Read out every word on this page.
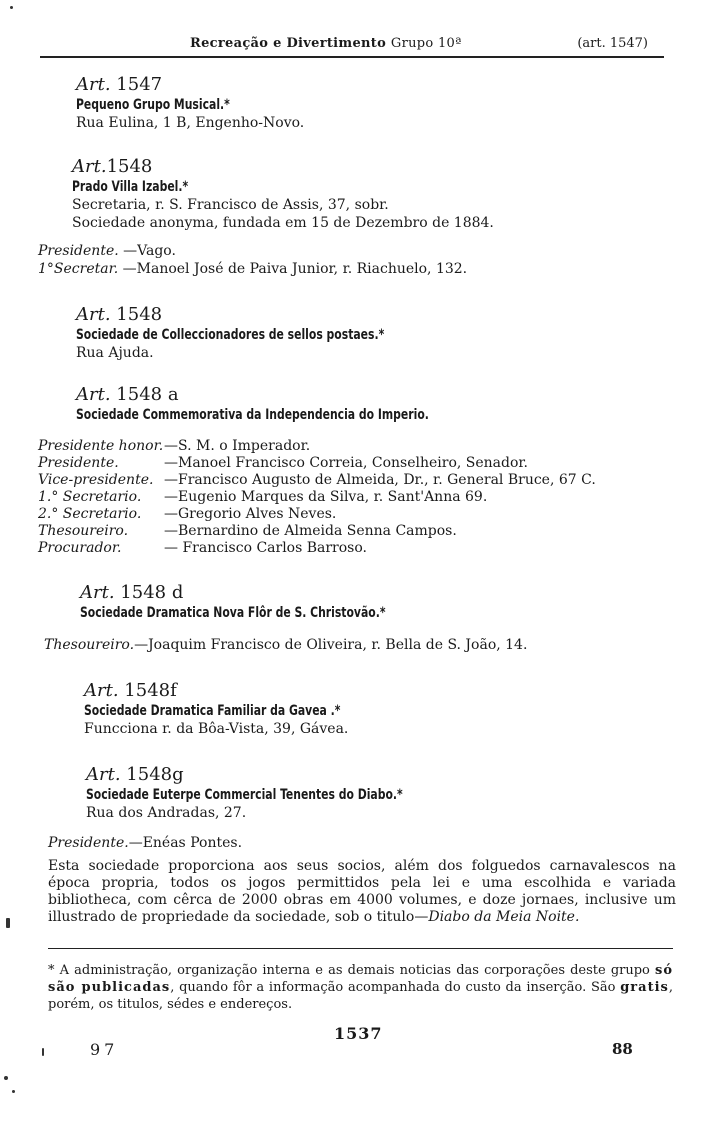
Recreação e Divertimento Grupo 10ª	(art. 1547)
Art. 1547
Pequeno Grupo Musical.*
Rua Eulina, 1 B, Engenho-Novo.
Art.1548
Prado Villa Izabel.*
Secretaria, r. S. Francisco de Assis, 37, sobr.
Sociedade anonyma, fundada em 15 de Dezembro de 1884.
Presidente. —Vago.
1°Secretar. —Manoel José de Paiva Junior, r. Riachuelo, 132.
Art. 1548
Sociedade de Colleccionadores de sellos postaes.*
Rua Ajuda.
Art. 1548 a
Sociedade Commemorativa da Independencia do Imperio.
Presidente honor. —S. M. o Imperador.
Presidente.	—Manoel Francisco Correia, Conselheiro, Senador.
Vice-presidente. —Francisco Augusto de Almeida, Dr., r. General Bruce, 67 C.
1.° Secretario.	—Eugenio Marques da Silva, r. Sant'Anna 69.
2.° Secretario.	—Gregorio Alves Neves.
Thesoureiro.	—Bernardino de Almeida Senna Campos.
Procurador.	— Francisco Carlos Barroso.
Art. 1548 d
Sociedade Dramatica Nova Flôr de S. Christovão.*
Thesoureiro.—Joaquim Francisco de Oliveira, r. Bella de S. João, 14.
Art. 1548f
Sociedade Dramatica Familiar da Gavea .*
Funcciona r. da Bôa-Vista, 39, Gávea.
Art. 1548g
Sociedade Euterpe Commercial Tenentes do Diabo.*
Rua dos Andradas, 27.
Presidente.—Enéas Pontes.
Esta sociedade proporciona aos seus socios, além dos folguedos carnavalescos na época propria, todos os jogos permittidos pela lei e uma escolhida e variada bibliotheca, com cêrca de 2000 obras em 4000 volumes, e doze jornaes, inclusive um illustrado de propriedade da sociedade, sob o titulo—Diabo da Meia Noite.
* A administração, organização interna e as demais noticias das corporações deste grupo só são publicadas, quando fôr a informação acompanhada do custo da inserção. São gratis, porém, os titulos, sédes e endereços.
1537
97	88
